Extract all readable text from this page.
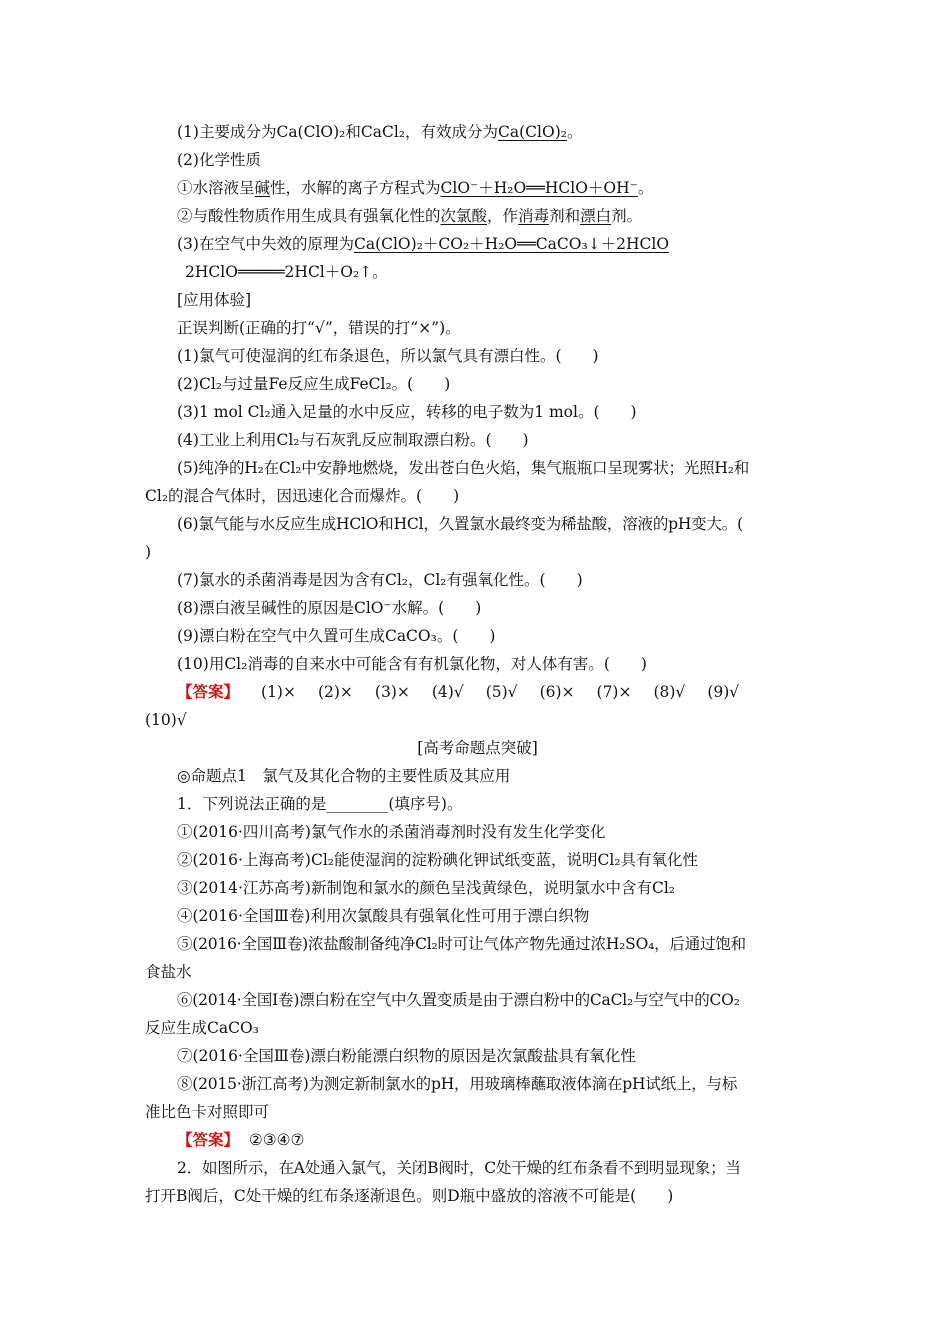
(1)主要成分为Ca(ClO)₂和CaCl₂，有效成分为Ca(ClO)₂。
(2)化学性质
①水溶液呈碱性，水解的离子方程式为ClO⁻＋H₂O══HClO＋OH⁻。
②与酸性物质作用生成具有强氧化性的次氯酸，作消毒剂和漂白剂。
(3)在空气中失效的原理为Ca(ClO)₂＋CO₂＋H₂O══CaCO₃↓＋2HClO
2HClO═════2HCl＋O₂↑。
[应用体验]
正误判断(正确的打“√”，错误的打“×”)。
(1)氯气可使湿润的红布条退色，所以氯气具有漂白性。(　　)
(2)Cl₂与过量Fe反应生成FeCl₂。(　　)
(3)1 mol Cl₂通入足量的水中反应，转移的电子数为1 mol。(　　)
(4)工业上利用Cl₂与石灰乳反应制取漂白粉。(　　)
(5)纯净的H₂在Cl₂中安静地燃烧，发出苍白色火焰，集气瓶瓶口呈现雾状；光照H₂和
Cl₂的混合气体时，因迅速化合而爆炸。(　　)
(6)氯气能与水反应生成HClO和HCl，久置氯水最终变为稀盐酸，溶液的pH变大。(
)
(7)氯水的杀菌消毒是因为含有Cl₂，Cl₂有强氧化性。(　　)
(8)漂白液呈碱性的原因是ClO⁻水解。(　　)
(9)漂白粉在空气中久置可生成CaCO₃。(　　)
(10)用Cl₂消毒的自来水中可能含有有机氯化物，对人体有害。(　　)
【答案】 (1)× (2)× (3)× (4)√ (5)√ (6)× (7)× (8)√ (9)√
(10)√
[高考命题点突破]
◎命题点1　氯气及其化合物的主要性质及其应用
1．下列说法正确的是________(填序号)。
①(2016·四川高考)氯气作水的杀菌消毒剂时没有发生化学变化
②(2016·上海高考)Cl₂能使湿润的淀粉碘化钾试纸变蓝，说明Cl₂具有氧化性
③(2014·江苏高考)新制饱和氯水的颜色呈浅黄绿色，说明氯水中含有Cl₂
④(2016·全国Ⅲ卷)利用次氯酸具有强氧化性可用于漂白织物
⑤(2016·全国Ⅲ卷)浓盐酸制备纯净Cl₂时可让气体产物先通过浓H₂SO₄，后通过饱和
食盐水
⑥(2014·全国Ⅰ卷)漂白粉在空气中久置变质是由于漂白粉中的CaCl₂与空气中的CO₂
反应生成CaCO₃
⑦(2016·全国Ⅲ卷)漂白粉能漂白织物的原因是次氯酸盐具有氧化性
⑧(2015·浙江高考)为测定新制氯水的pH，用玻璃棒蘸取液体滴在pH试纸上，与标
准比色卡对照即可
【答案】 ②③④⑦
2．如图所示，在A处通入氯气，关闭B阀时，C处干燥的红布条看不到明显现象；当
打开B阀后，C处干燥的红布条逐渐退色。则D瓶中盛放的溶液不可能是(　　)
